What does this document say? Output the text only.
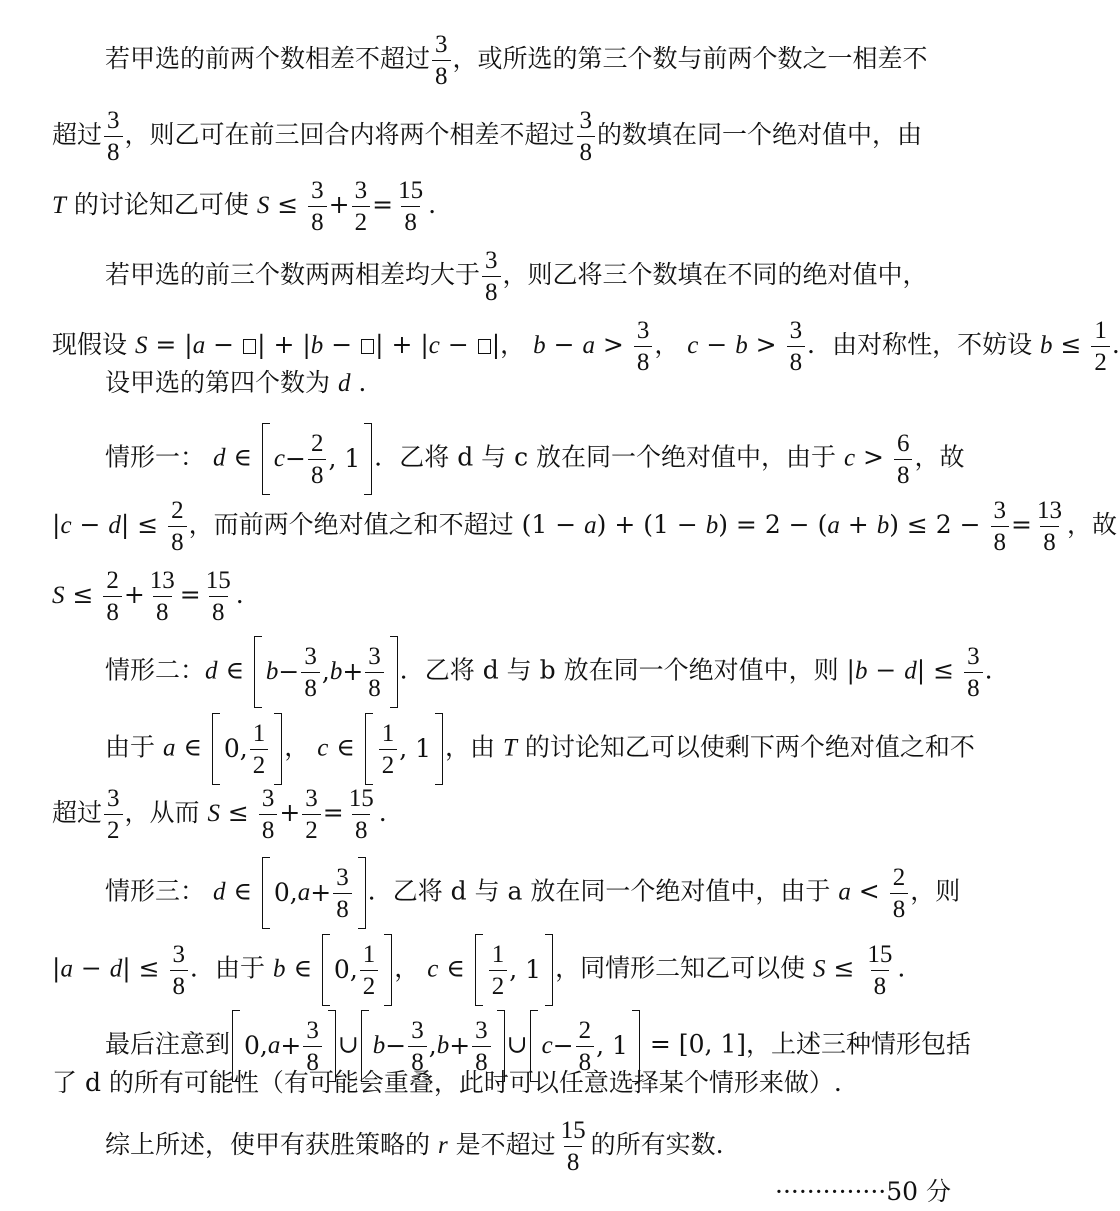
若甲选的前两个数相差不超过 $\frac{3}{8}$ ，或所选的第三个数与前两个数之一相差不
超过 $\frac{3}{8}$ ，则乙可在前三回合内将两个相差不超过 $\frac{3}{8}$ 的数填在同一个绝对值中，由
T 的讨论知乙可使 $S \le \frac{3}{8} + \frac{3}{2} = \frac{15}{8}$ .
若甲选的前三个数两两相差均大于 $\frac{3}{8}$ ，则乙将三个数填在不同的绝对值中，
现假设 S = |a − | + |b − | + |c − |， $b - a > \frac{3}{8}$ ， $c - b > \frac{3}{8}$ ．由对称性，不妨设 $b \le \frac{1}{2}$ .
设甲选的第四个数为 d .
情形一： d ∈ $c - \frac{2}{8}$ , 1 ．乙将 d 与 c 放在同一个绝对值中，由于 $c > \frac{6}{8}$ ，故
$|c - d| \le \frac{2}{8}$ ，而前两个绝对值之和不超过 $(1 - a) + (1 - b) = 2 - (a + b) \le 2 - \frac{3}{8} = \frac{13}{8}$ ，故
$S \le \frac{2}{8} + \frac{13}{8} = \frac{15}{8}$ .
情形二：d ∈ $b - \frac{3}{8}$ , $b + \frac{3}{8}$ ．乙将 d 与 b 放在同一个绝对值中，则 $|b - d| \le \frac{3}{8}$ .
由于 a ∈
0, $\frac{1}{2}$ ， c ∈ $\frac{1}{2}$ , 1 ，由 T 的讨论知乙可以使剩下两个绝对值之和不
超过 $\frac{3}{2}$ ，从而 $S \le \frac{3}{8} + \frac{3}{2} = \frac{15}{8}$ .
情形三： d ∈
0, $a + \frac{3}{8}$ ．乙将 d 与 a 放在同一个绝对值中，由于 $a < \frac{2}{8}$ ，则
$|a - d| \le \frac{3}{8}$ ．由于 b ∈
0, $\frac{1}{2}$ ， c ∈ $\frac{1}{2}$ , 1 ，同情形二知乙可以使 $S \le \frac{15}{8}$ .
最后注意到 0, $a + \frac{3}{8}$ ∪ $b - \frac{3}{8}$ , $b + \frac{3}{8}$ ∪ $c - \frac{2}{8}$ , 1
= [0, 1]，上述三种情形包括
了 d 的所有可能性（有可能会重叠，此时可以任意选择某个情形来做）.
综上所述，使甲有获胜策略的 r 是不超过 $\frac{15}{8}$ 的所有实数.
··············50 分
